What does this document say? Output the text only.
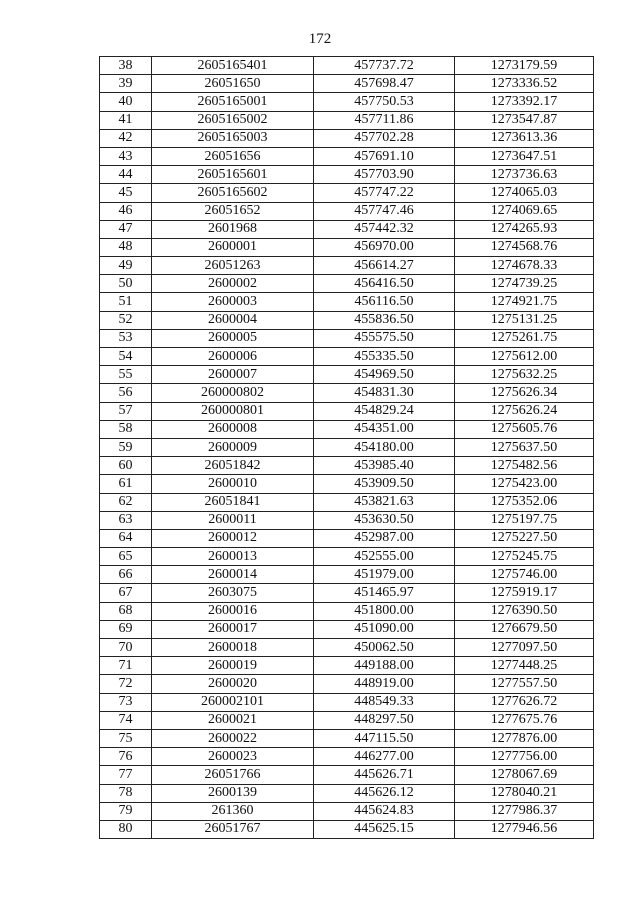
172
38	2605165401	457737.72	1273179.59
39	26051650	457698.47	1273336.52
40	2605165001	457750.53	1273392.17
41	2605165002	457711.86	1273547.87
42	2605165003	457702.28	1273613.36
43	26051656	457691.10	1273647.51
44	2605165601	457703.90	1273736.63
45	2605165602	457747.22	1274065.03
46	26051652	457747.46	1274069.65
47	2601968	457442.32	1274265.93
48	2600001	456970.00	1274568.76
49	26051263	456614.27	1274678.33
50	2600002	456416.50	1274739.25
51	2600003	456116.50	1274921.75
52	2600004	455836.50	1275131.25
53	2600005	455575.50	1275261.75
54	2600006	455335.50	1275612.00
55	2600007	454969.50	1275632.25
56	260000802	454831.30	1275626.34
57	260000801	454829.24	1275626.24
58	2600008	454351.00	1275605.76
59	2600009	454180.00	1275637.50
60	26051842	453985.40	1275482.56
61	2600010	453909.50	1275423.00
62	26051841	453821.63	1275352.06
63	2600011	453630.50	1275197.75
64	2600012	452987.00	1275227.50
65	2600013	452555.00	1275245.75
66	2600014	451979.00	1275746.00
67	2603075	451465.97	1275919.17
68	2600016	451800.00	1276390.50
69	2600017	451090.00	1276679.50
70	2600018	450062.50	1277097.50
71	2600019	449188.00	1277448.25
72	2600020	448919.00	1277557.50
73	260002101	448549.33	1277626.72
74	2600021	448297.50	1277675.76
75	2600022	447115.50	1277876.00
76	2600023	446277.00	1277756.00
77	26051766	445626.71	1278067.69
78	2600139	445626.12	1278040.21
79	261360	445624.83	1277986.37
80	26051767	445625.15	1277946.56
